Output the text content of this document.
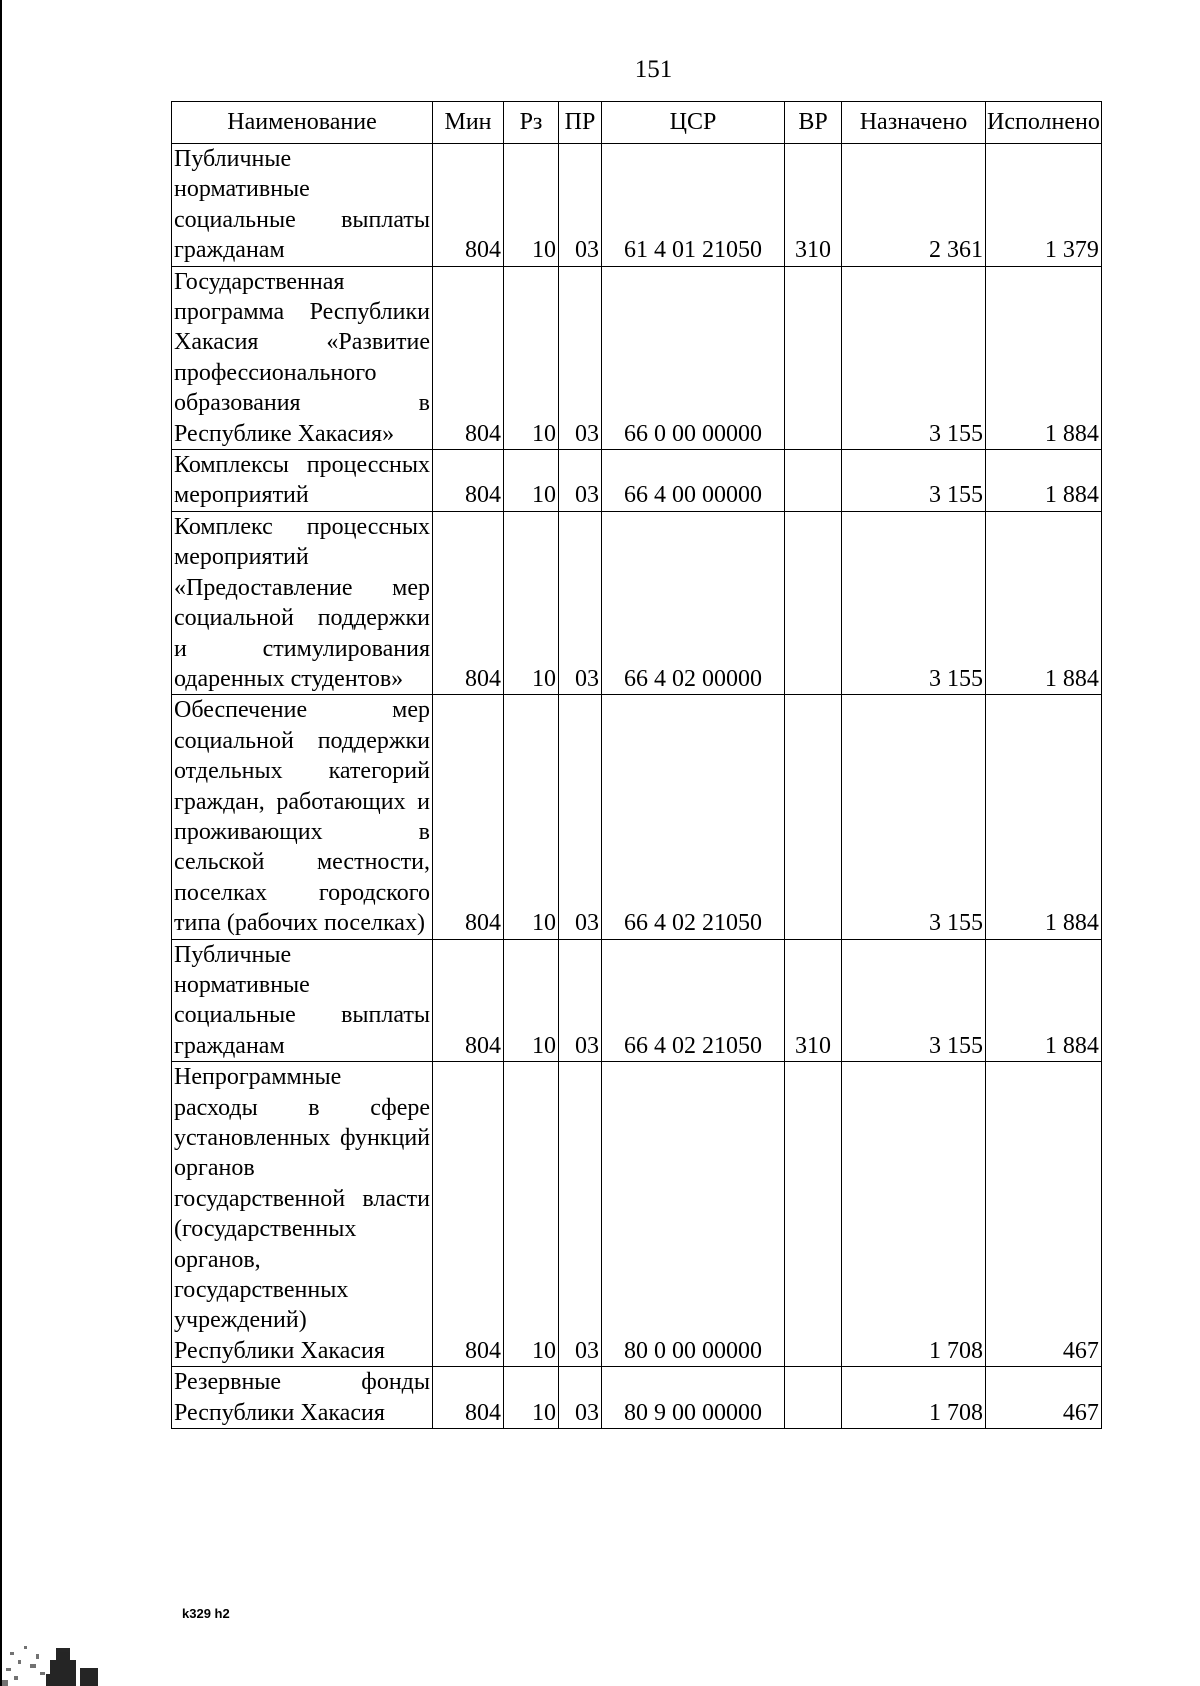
151
Наименование	Мин	Рз	ПР	ЦСР	ВР	Назначено	Исполнено
Публичные нормативные социальные выплаты гражданам	804	10	03	61 4 01 21050	310	2 361	1 379
Государственная программа Республики Хакасия «Развитие профессионального образования в Республике Хакасия»	804	10	03	66 0 00 00000		3 155	1 884
Комплексы процессных мероприятий	804	10	03	66 4 00 00000		3 155	1 884
Комплекс процессных мероприятий «Предоставление мер социальной поддержки и стимулирования одаренных студентов»	804	10	03	66 4 02 00000		3 155	1 884
Обеспечение мер социальной поддержки отдельных категорий граждан, работающих и проживающих в сельской местности, поселках городского типа (рабочих поселках)	804	10	03	66 4 02 21050		3 155	1 884
Публичные нормативные социальные выплаты гражданам	804	10	03	66 4 02 21050	310	3 155	1 884
Непрограммные расходы в сфере установленных функций органов государственной власти (государственных органов, государственных учреждений) Республики Хакасия	804	10	03	80 0 00 00000		1 708	467
Резервные фонды Республики Хакасия	804	10	03	80 9 00 00000		1 708	467
k329 h2
